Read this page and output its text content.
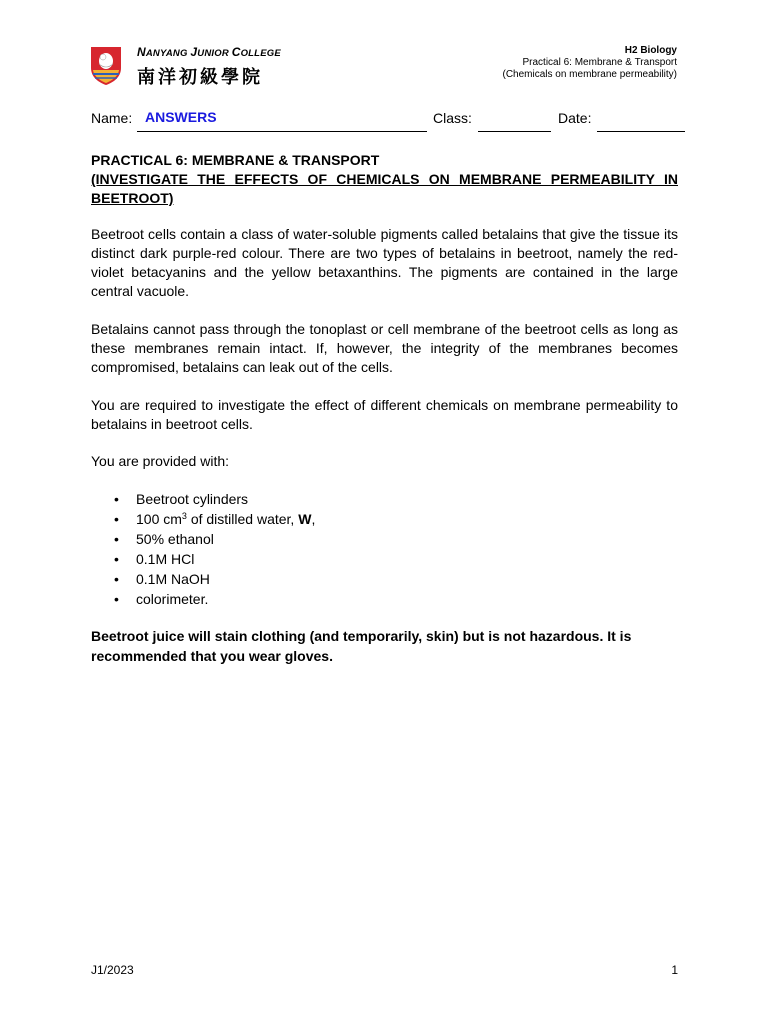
NANYANG JUNIOR COLLEGE
南洋初級學院
H2 Biology
Practical 6: Membrane & Transport
(Chemicals on membrane permeability)
Name: ANSWERS	Class:	Date:
PRACTICAL 6: MEMBRANE & TRANSPORT
(INVESTIGATE THE EFFECTS OF CHEMICALS ON MEMBRANE PERMEABILITY IN BEETROOT)
Beetroot cells contain a class of water-soluble pigments called betalains that give the tissue its distinct dark purple-red colour. There are two types of betalains in beetroot, namely the red-violet betacyanins and the yellow betaxanthins. The pigments are contained in the large central vacuole.
Betalains cannot pass through the tonoplast or cell membrane of the beetroot cells as long as these membranes remain intact. If, however, the integrity of the membranes becomes compromised, betalains can leak out of the cells.
You are required to investigate the effect of different chemicals on membrane permeability to betalains in beetroot cells.
You are provided with:
• Beetroot cylinders
• 100 $cm^3$ of distilled water, W,
• 50% ethanol
• 0.1M HCl
• 0.1M NaOH
• colorimeter.
Beetroot juice will stain clothing (and temporarily, skin) but is not hazardous. It is recommended that you wear gloves.
J1/2023	1
